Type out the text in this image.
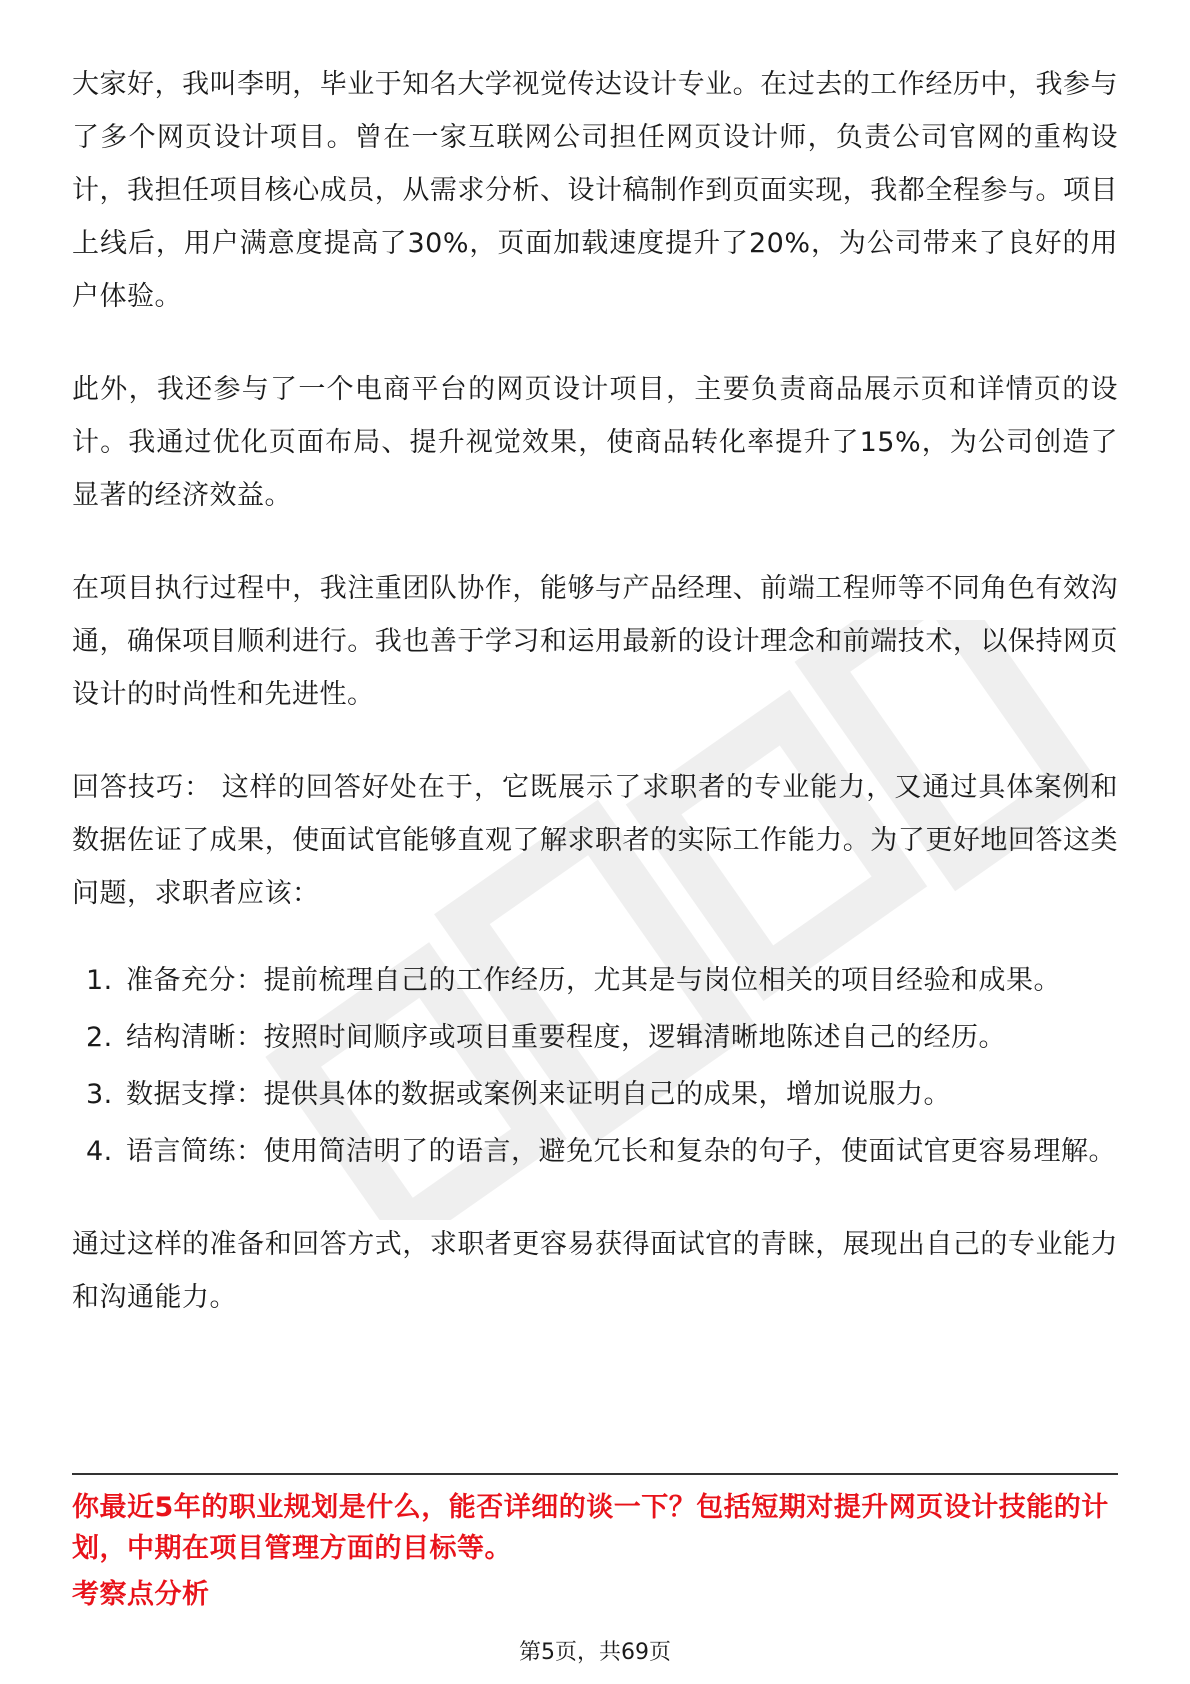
大家好，我叫李明，毕业于知名大学视觉传达设计专业。在过去的工作经历中，我参与了多个网页设计项目。曾在一家互联网公司担任网页设计师，负责公司官网的重构设计，我担任项目核心成员，从需求分析、设计稿制作到页面实现，我都全程参与。项目上线后，用户满意度提高了30%，页面加载速度提升了20%，为公司带来了良好的用户体验。

此外，我还参与了一个电商平台的网页设计项目，主要负责商品展示页和详情页的设计。我通过优化页面布局、提升视觉效果，使商品转化率提升了15%，为公司创造了显著的经济效益。

在项目执行过程中，我注重团队协作，能够与产品经理、前端工程师等不同角色有效沟通，确保项目顺利进行。我也善于学习和运用最新的设计理念和前端技术，以保持网页设计的时尚性和先进性。

回答技巧： 这样的回答好处在于，它既展示了求职者的专业能力，又通过具体案例和数据佐证了成果，使面试官能够直观了解求职者的实际工作能力。为了更好地回答这类问题，求职者应该：

1. 准备充分：提前梳理自己的工作经历，尤其是与岗位相关的项目经验和成果。
2. 结构清晰：按照时间顺序或项目重要程度，逻辑清晰地陈述自己的经历。
3. 数据支撑：提供具体的数据或案例来证明自己的成果，增加说服力。
4. 语言简练：使用简洁明了的语言，避免冗长和复杂的句子，使面试官更容易理解。

通过这样的准备和回答方式，求职者更容易获得面试官的青睐，展现出自己的专业能力和沟通能力。

你最近5年的职业规划是什么，能否详细的谈一下？包括短期对提升网页设计技能的计划，中期在项目管理方面的目标等。

考察点分析

第5页，共69页
